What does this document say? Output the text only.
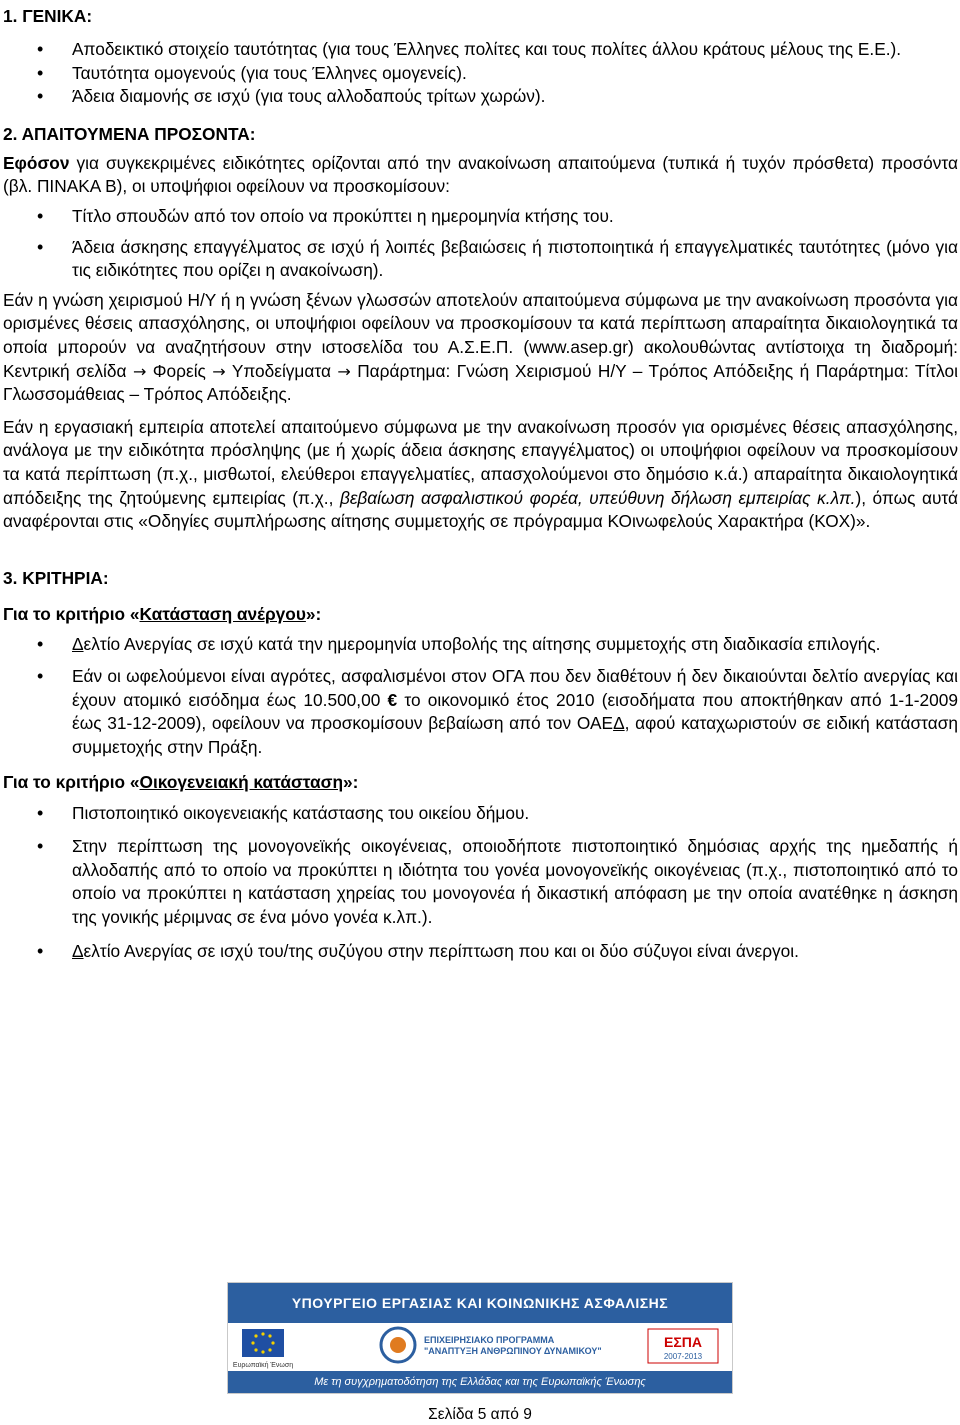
1. ΓΕΝΙΚΑ:
• Αποδεικτικό στοιχείο ταυτότητας (για τους Έλληνες πολίτες και τους πολίτες άλλου κράτους μέλους της Ε.Ε.).
• Ταυτότητα ομογενούς (για τους Έλληνες ομογενείς).
• Άδεια διαμονής σε ισχύ (για τους αλλοδαπούς τρίτων χωρών).
2. ΑΠΑΙΤΟΥΜΕΝΑ ΠΡΟΣΟΝΤΑ:

Εφόσον για συγκεκριμένες ειδικότητες ορίζονται από την ανακοίνωση απαιτούμενα (τυπικά ή τυχόν πρόσθετα) προσόντα (βλ. ΠΙΝΑΚΑ Β), οι υποψήφιοι οφείλουν να προσκομίσουν:

• Τίτλο σπουδών από τον οποίο να προκύπτει η ημερομηνία κτήσης του.
• Άδεια άσκησης επαγγέλματος σε ισχύ ή λοιπές βεβαιώσεις ή πιστοποιητικά ή επαγγελματικές ταυτότητες (μόνο για τις ειδικότητες που ορίζει η ανακοίνωση).

Εάν η γνώση χειρισμού Η/Υ ή η γνώση ξένων γλωσσών αποτελούν απαιτούμενα σύμφωνα με την ανακοίνωση προσόντα για ορισμένες θέσεις απασχόλησης, οι υποψήφιοι οφείλουν να προσκομίσουν τα κατά περίπτωση απαραίτητα δικαιολογητικά τα οποία μπορούν να αναζητήσουν στην ιστοσελίδα του Α.Σ.Ε.Π. (www.asep.gr) ακολουθώντας αντίστοιχα τη διαδρομή: Κεντρική σελίδα → Φορείς → Υποδείγματα → Παράρτημα: Γνώση Χειρισμού Η/Υ – Τρόπος Απόδειξης ή Παράρτημα: Τίτλοι Γλωσσομάθειας – Τρόπος Απόδειξης.

Εάν η εργασιακή εμπειρία αποτελεί απαιτούμενο σύμφωνα με την ανακοίνωση προσόν για ορισμένες θέσεις απασχόλησης, ανάλογα με την ειδικότητα πρόσληψης (με ή χωρίς άδεια άσκησης επαγγέλματος) οι υποψήφιοι οφείλουν να προσκομίσουν τα κατά περίπτωση (π.χ., μισθωτοί, ελεύθεροι επαγγελματίες, απασχολούμενοι στο δημόσιο κ.ά.) απαραίτητα δικαιολογητικά απόδειξης της ζητούμενης εμπειρίας (π.χ., βεβαίωση ασφαλιστικού φορέα, υπεύθυνη δήλωση εμπειρίας κ.λπ.), όπως αυτά αναφέρονται στις «Οδηγίες συμπλήρωσης αίτησης συμμετοχής σε πρόγραμμα ΚΟινωφελούς Χαρακτήρα (ΚΟΧ)».

3. ΚΡΙΤΗΡΙΑ:
Για το κριτήριο «Κατάσταση ανέργου»:
• Δελτίο Ανεργίας σε ισχύ κατά την ημερομηνία υποβολής της αίτησης συμμετοχής στη διαδικασία επιλογής.
• Εάν οι ωφελούμενοι είναι αγρότες, ασφαλισμένοι στον ΟΓΑ που δεν διαθέτουν ή δεν δικαιούνται δελτίο ανεργίας και έχουν ατομικό εισόδημα έως 10.500,00 € το οικονομικό έτος 2010 (εισοδήματα που αποκτήθηκαν από 1-1-2009 έως 31-12-2009), οφείλουν να προσκομίσουν βεβαίωση από τον ΟΑΕΔ, αφού καταχωριστούν σε ειδική κατάσταση συμμετοχής στην Πράξη.
Για το κριτήριο «Οικογενειακή κατάσταση»:
• Πιστοποιητικό οικογενειακής κατάστασης του οικείου δήμου.
• Στην περίπτωση της μονογονεϊκής οικογένειας, οποιοδήποτε πιστοποιητικό δημόσιας αρχής της ημεδαπής ή αλλοδαπής από το οποίο να προκύπτει η ιδιότητα του γονέα μονογονεϊκής οικογένειας (π.χ., πιστοποιητικό από το οποίο να προκύπτει η κατάσταση χηρείας του μονογονέα ή δικαστική απόφαση με την οποία ανατέθηκε η άσκηση της γονικής μέριμνας σε ένα μόνο γονέα κ.λπ.).
• Δελτίο Ανεργίας σε ισχύ του/της συζύγου στην περίπτωση που και οι δύο σύζυγοι είναι άνεργοι.
ΥΠΟΥΡΓΕΙΟ ΕΡΓΑΣΙΑΣ ΚΑΙ ΚΟΙΝΩΝΙΚΗΣ ΑΣΦΑΛΙΣΗΣ
Ευρωπαϊκή Ένωση
ΕΠΙΧΕΙΡΗΣΙΑΚΟ ΠΡΟΓΡΑΜΜΑ
"ΑΝΑΠΤΥΞΗ ΑΝΘΡΩΠΙΝΟΥ ΔΥΝΑΜΙΚΟΥ"
ΕΣΠΑ
2007-2013
Με τη συγχρηματοδότηση της Ελλάδας και της Ευρωπαϊκής Ένωσης
Σελίδα 5 από 9
